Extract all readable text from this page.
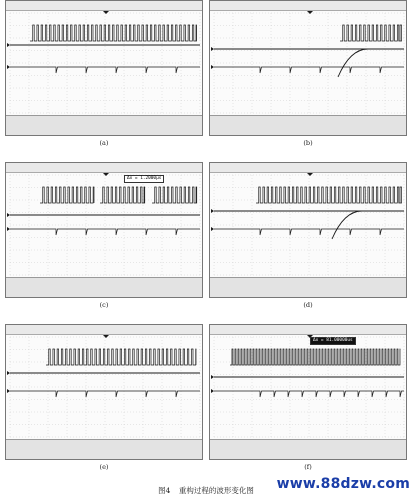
(a)	(b)
Δx = 1.2000µs
(c)	(d)
(e)
Δx = 81.00000us
(f)
图4 重构过程的波形变化图	www.88dzw.com
